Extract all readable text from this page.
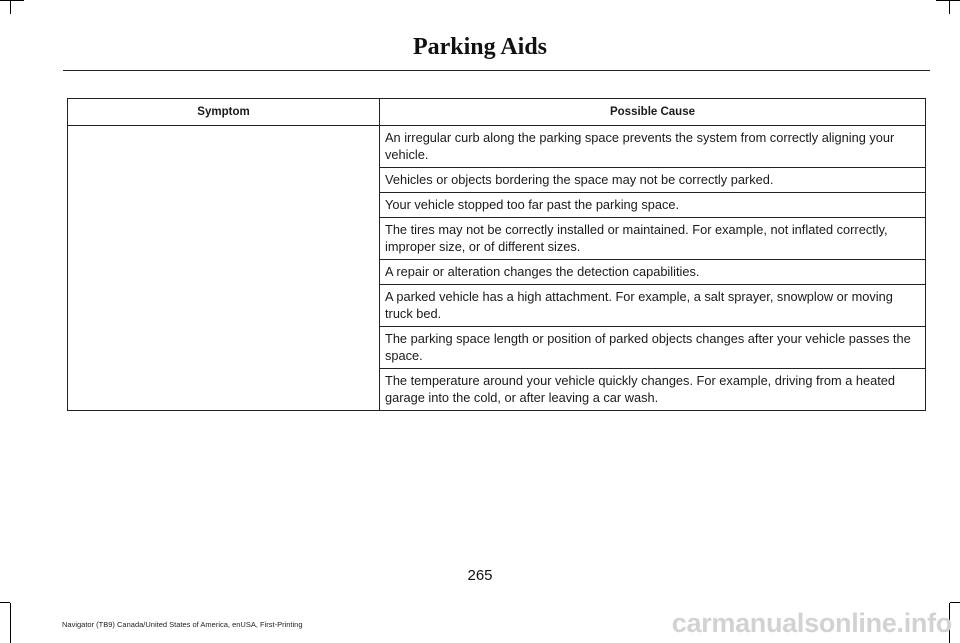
Parking Aids
Symptom	Possible Cause
	An irregular curb along the parking space prevents the system from correctly aligning your vehicle.
	Vehicles or objects bordering the space may not be correctly parked.
	Your vehicle stopped too far past the parking space.
	The tires may not be correctly installed or maintained. For example, not inflated correctly, improper size, or of different sizes.
	A repair or alteration changes the detection capabilities.
	A parked vehicle has a high attachment. For example, a salt sprayer, snowplow or moving truck bed.
	The parking space length or position of parked objects changes after your vehicle passes the space.
	The temperature around your vehicle quickly changes. For example, driving from a heated garage into the cold, or after leaving a car wash.
265
Navigator (TB9) Canada/United States of America, enUSA, First-Printing	carmanualsonline.info
